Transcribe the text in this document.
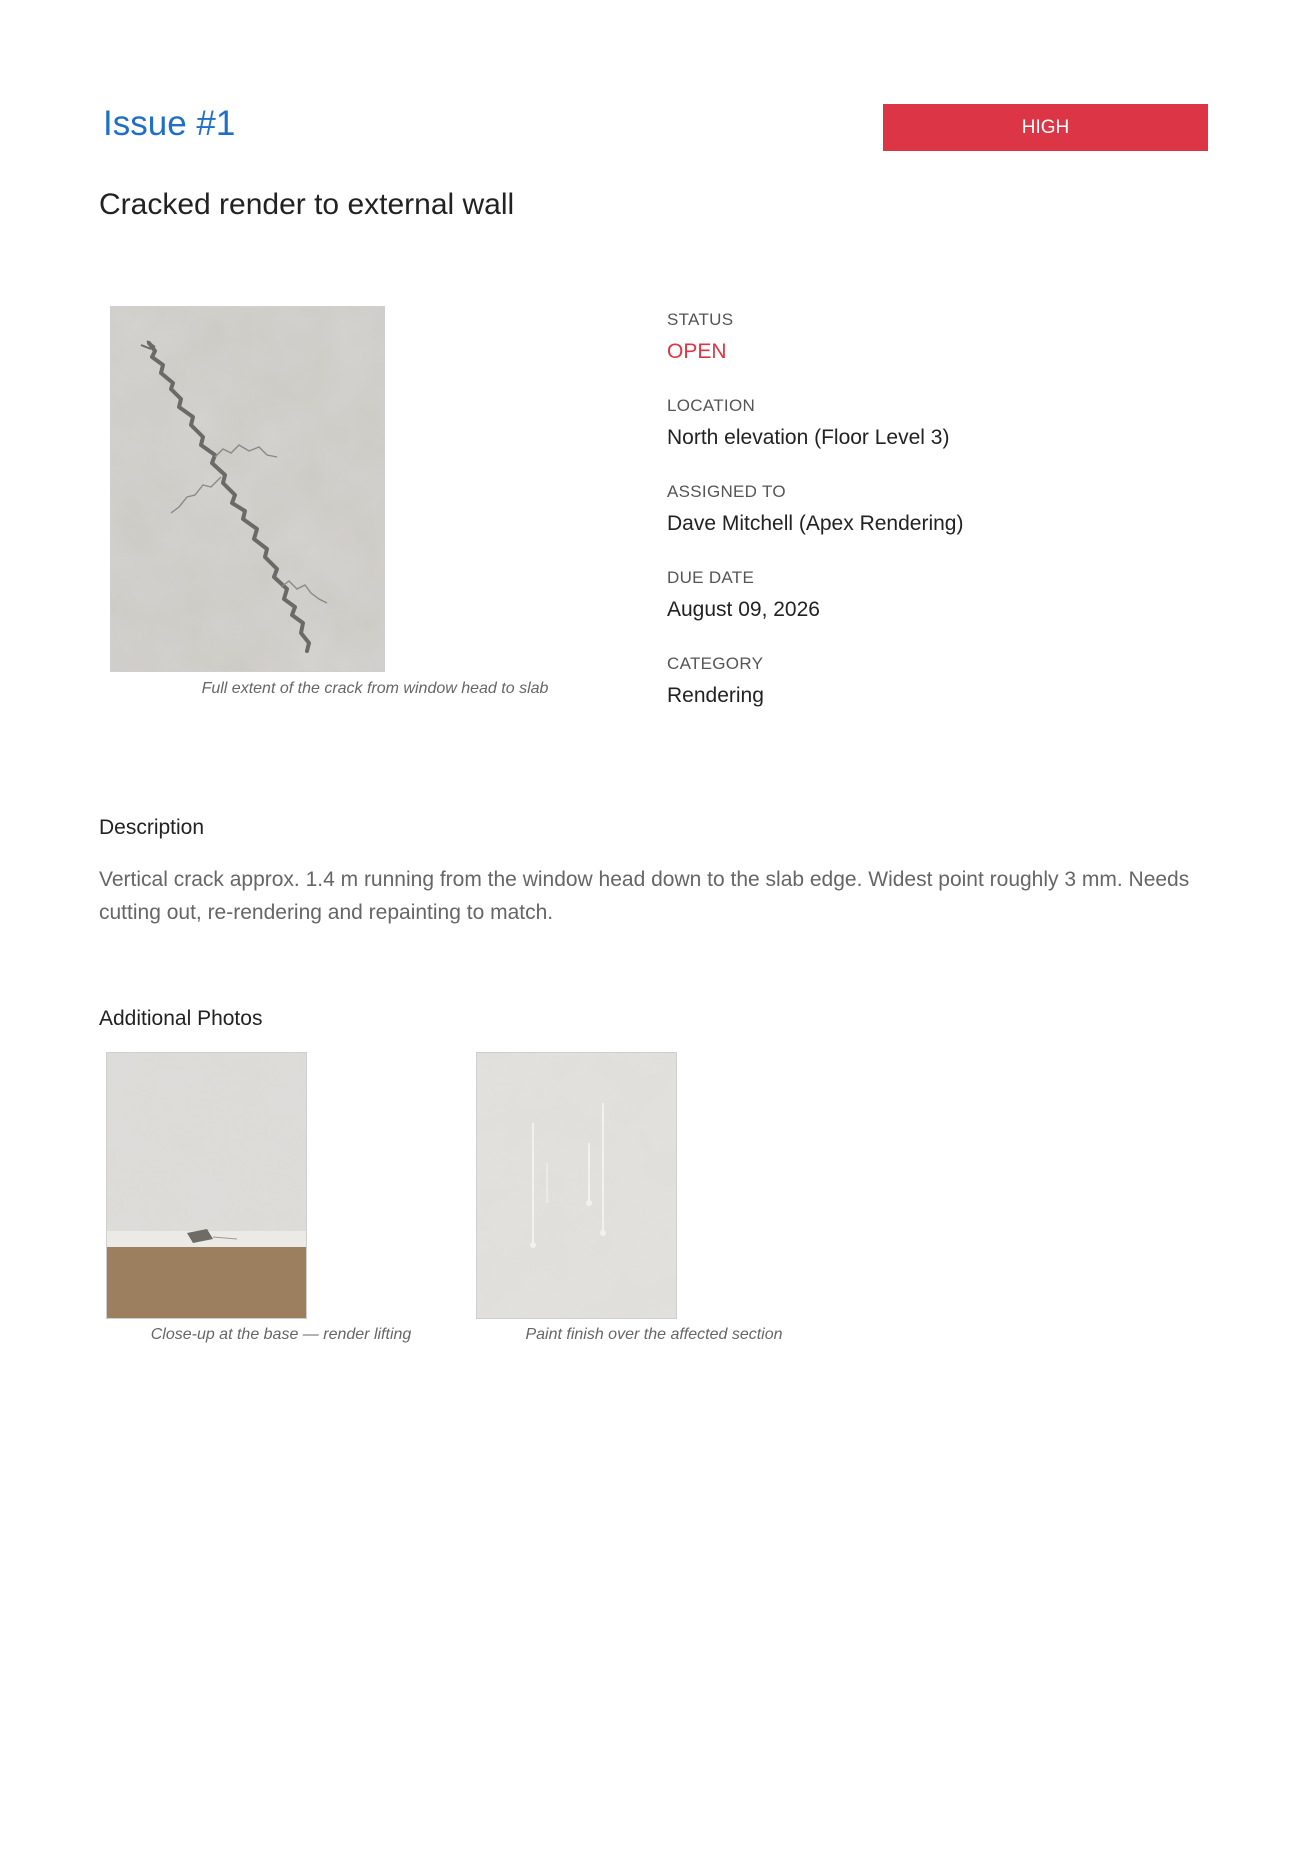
Issue #1	HIGH
Cracked render to external wall
Full extent of the crack from window head to slab
STATUS
OPEN
LOCATION
North elevation (Floor Level 3)
ASSIGNED TO
Dave Mitchell (Apex Rendering)
DUE DATE
August 09, 2026
CATEGORY
Rendering
Description

Vertical crack approx. 1.4 m running from the window head down to the slab edge. Widest point roughly 3 mm. Needs cutting out, re-rendering and repainting to match.

Additional Photos
Close-up at the base — render lifting	Paint finish over the affected section
